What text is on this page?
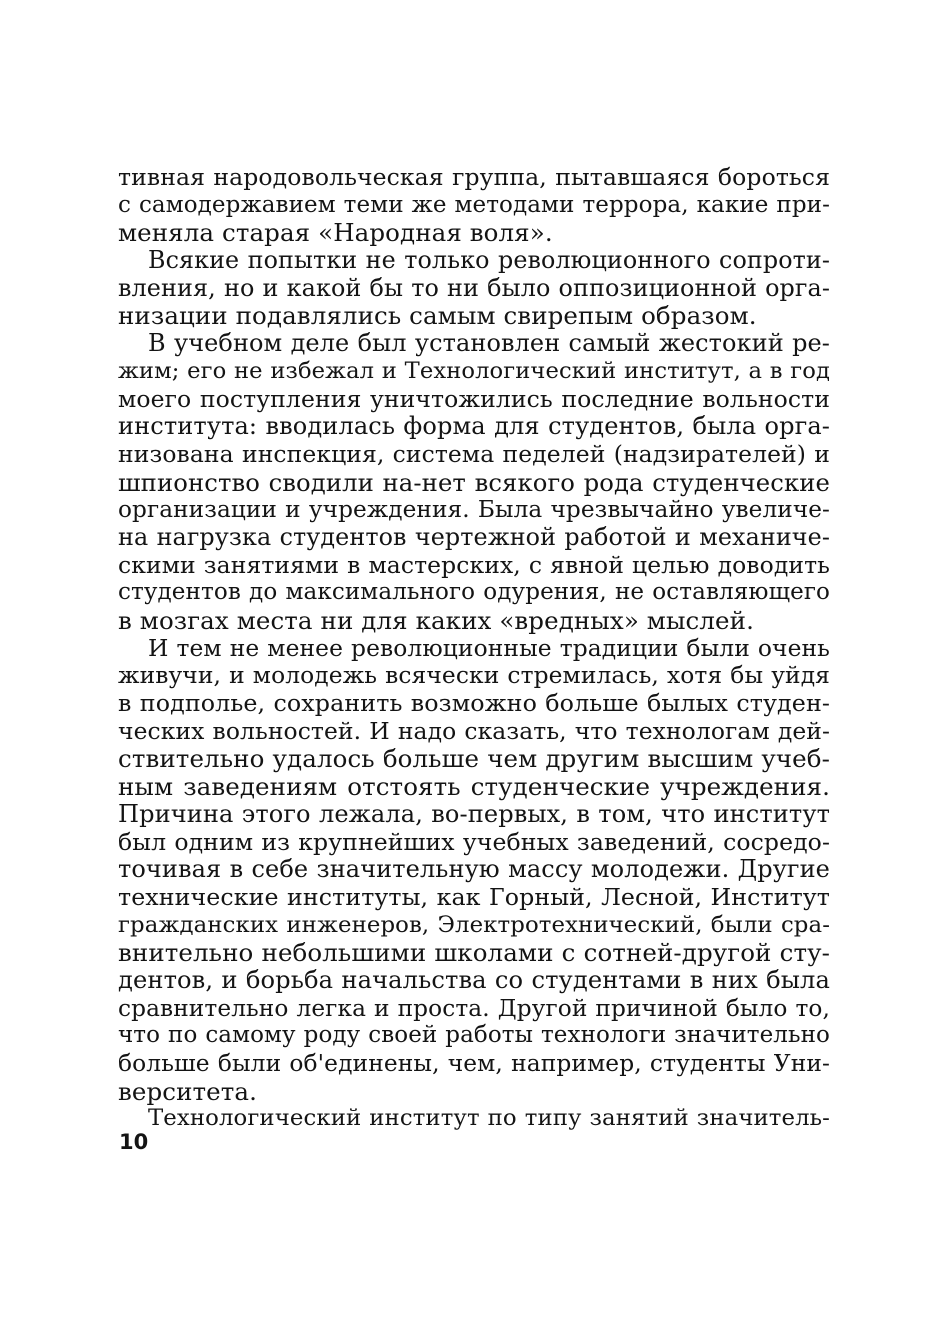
тивная народовольческая группа, пытавшаяся бороться
с самодержавием теми же методами террора, какие при-
меняла старая «Народная воля».
Всякие попытки не только революционного сопроти-
вления, но и какой бы то ни было оппозиционной орга-
низации подавлялись самым свирепым образом.
В учебном деле был установлен самый жестокий ре-
жим; его не избежал и Технологический институт, а в год
моего поступления уничтожились последние вольности
института: вводилась форма для студентов, была орга-
низована инспекция, система педелей (надзирателей) и
шпионство сводили на-нет всякого рода студенческие
организации и учреждения. Была чрезвычайно увеличе-
на нагрузка студентов чертежной работой и механиче-
скими занятиями в мастерских, с явной целью доводить
студентов до максимального одурения, не оставляющего
в мозгах места ни для каких «вредных» мыслей.
И тем не менее революционные традиции были очень
живучи, и молодежь всячески стремилась, хотя бы уйдя
в подполье, сохранить возможно больше былых студен-
ческих вольностей. И надо сказать, что технологам дей-
ствительно удалось больше чем другим высшим учеб-
ным заведениям отстоять студенческие учреждения.
Причина этого лежала, во-первых, в том, что институт
был одним из крупнейших учебных заведений, сосредо-
точивая в себе значительную массу молодежи. Другие
технические институты, как Горный, Лесной, Институт
гражданских инженеров, Электротехнический, были сра-
внительно небольшими школами с сотней-другой сту-
дентов, и борьба начальства со студентами в них была
сравнительно легка и проста. Другой причиной было то,
что по самому роду своей работы технологи значительно
больше были об'единены, чем, например, студенты Уни-
верситета.
Технологический институт по типу занятий значитель-
10
